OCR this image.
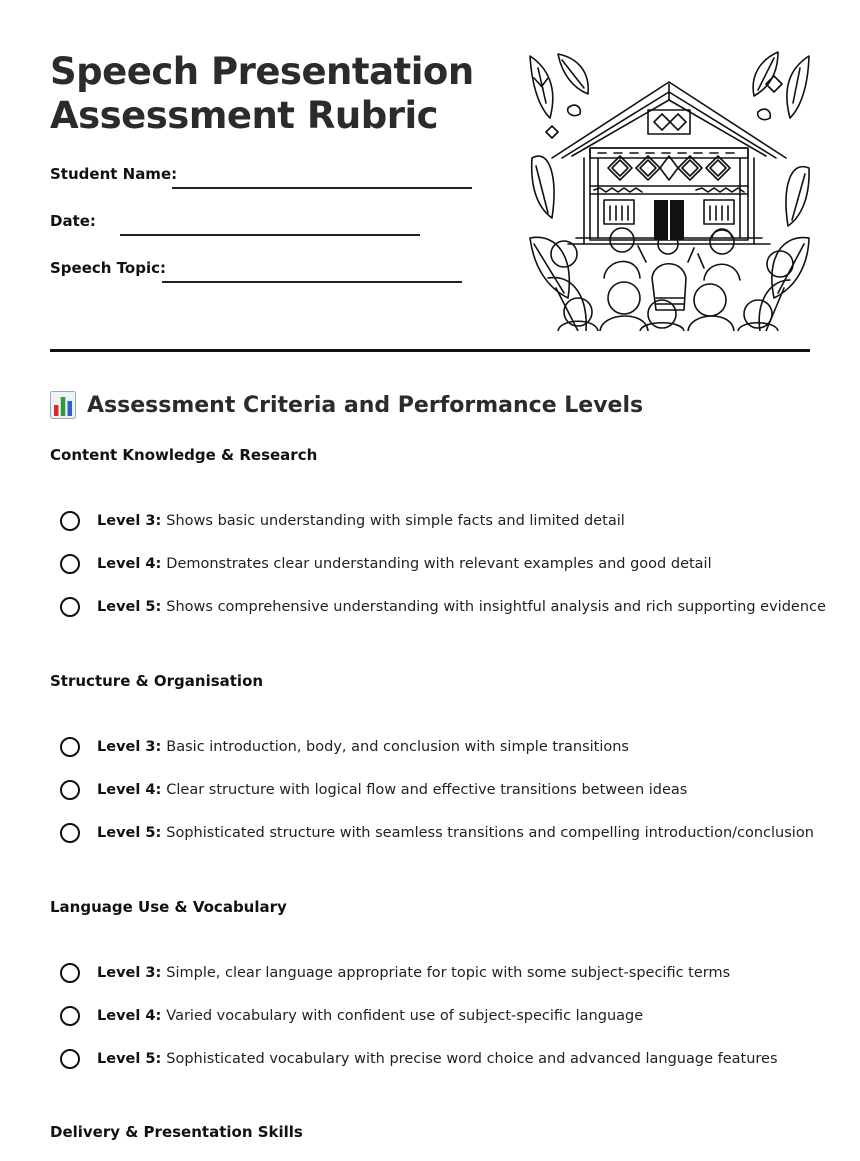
Speech Presentation
Assessment Rubric
Student Name:
Date:
Speech Topic:
Assessment Criteria and Performance Levels
Content Knowledge & Research
Level 3: Shows basic understanding with simple facts and limited detail
Level 4: Demonstrates clear understanding with relevant examples and good detail
Level 5: Shows comprehensive understanding with insightful analysis and rich supporting evidence
Structure & Organisation
Level 3: Basic introduction, body, and conclusion with simple transitions
Level 4: Clear structure with logical flow and effective transitions between ideas
Level 5: Sophisticated structure with seamless transitions and compelling introduction/conclusion
Language Use & Vocabulary
Level 3: Simple, clear language appropriate for topic with some subject-specific terms
Level 4: Varied vocabulary with confident use of subject-specific language
Level 5: Sophisticated vocabulary with precise word choice and advanced language features
Delivery & Presentation Skills
